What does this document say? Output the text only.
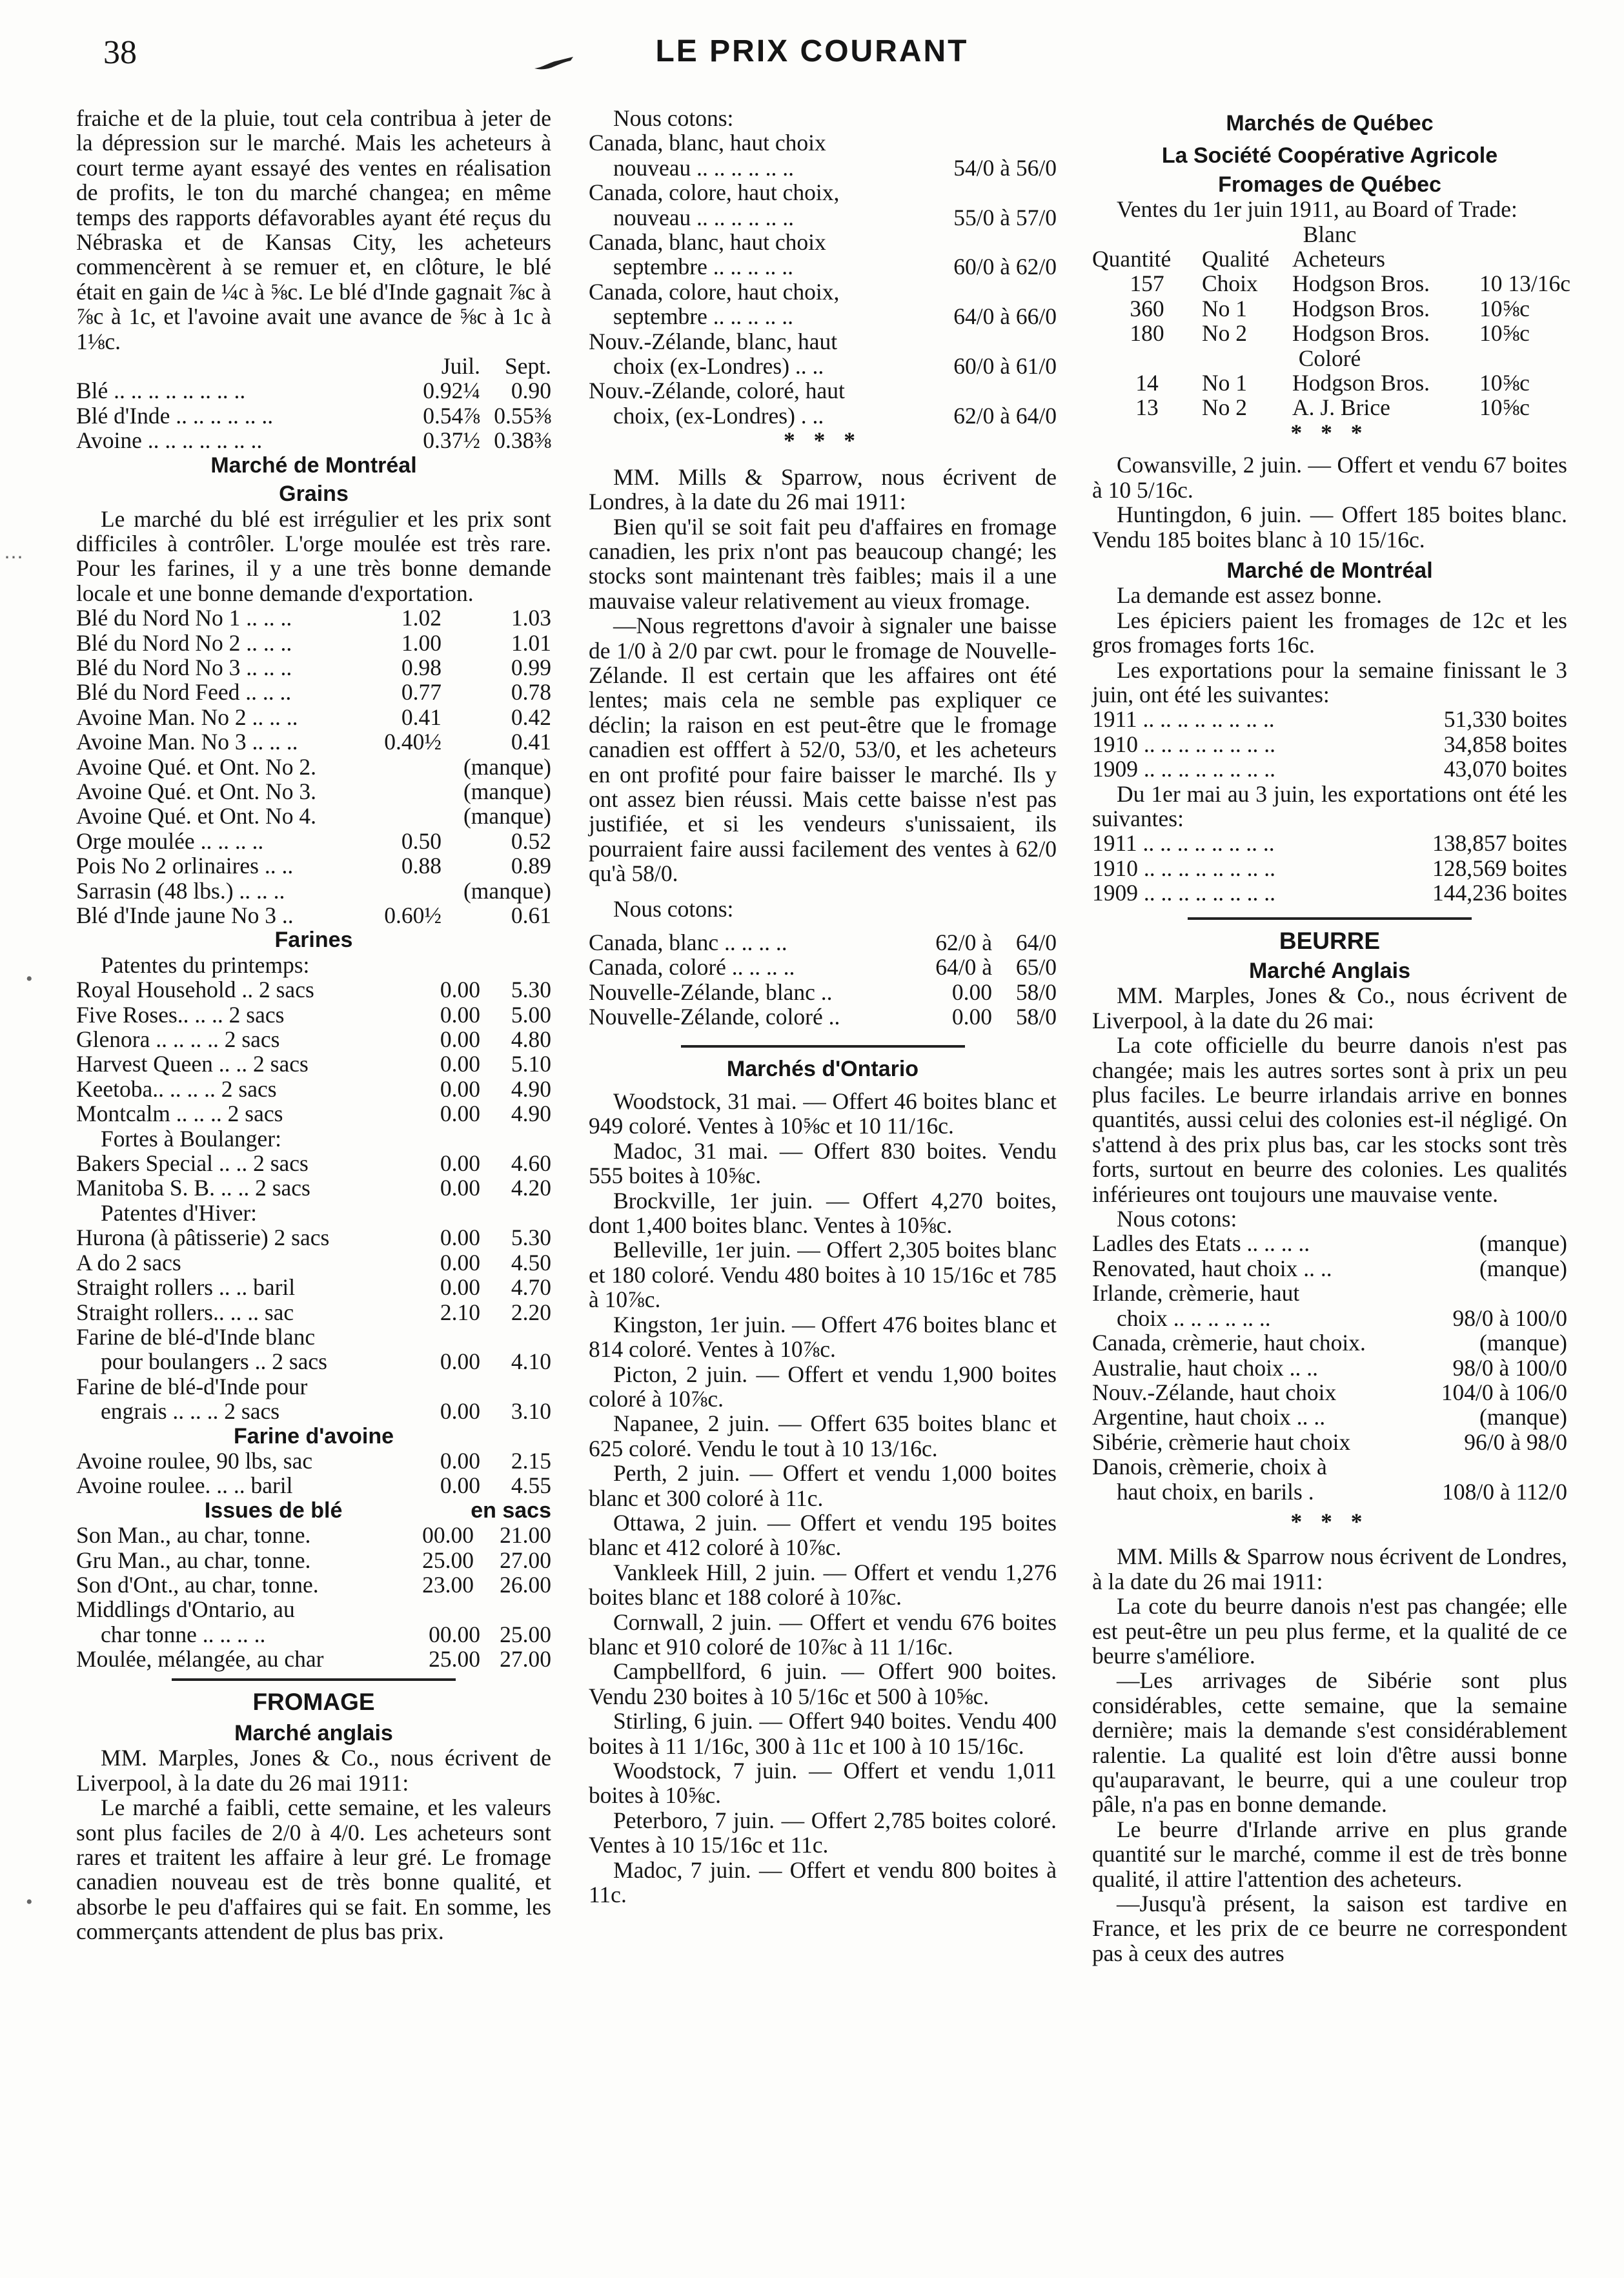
38	LE PRIX COURANT
⋯
•
•

fraiche et de la pluie, tout cela contribua à jeter de la dépression sur le marché. Mais les acheteurs à court terme ayant essayé des ventes en réalisation de profits, le ton du marché changea; en même temps des rapports défavorables ayant été reçus du Nébraska et de Kansas City, les acheteurs commencèrent à se remuer et, en clôture, le blé était en gain de ¼c à ⅝c. Le blé d'Inde gagnait ⅞c à ⅞c à 1c, et l'avoine avait une avance de ⅝c à 1c à 1⅛c.

Juil.	Sept.
Blé .. .. .. .. .. .. .. ..	0.92¼	0.90
Blé d'Inde .. .. .. .. .. ..	0.54⅞ 0.55⅜
Avoine .. .. .. .. .. .. ..	0.37½ 0.38⅜
Marché de Montréal
Grains

Le marché du blé est irrégulier et les prix sont difficiles à contrôler. L'orge moulée est très rare. Pour les farines, il y a une très bonne demande locale et une bonne demande d'exportation.

Blé du Nord No 1 .. .. ..	1.02	1.03
Blé du Nord No 2 .. .. ..	1.00	1.01
Blé du Nord No 3 .. .. ..	0.98	0.99
Blé du Nord Feed .. .. ..	0.77	0.78
Avoine Man. No 2 .. .. ..	0.41	0.42
Avoine Man. No 3 .. .. ..	0.40½	0.41
Avoine Qué. et Ont. No 2.	(manque)
Avoine Qué. et Ont. No 3.	(manque)
Avoine Qué. et Ont. No 4.	(manque)
Orge moulée .. .. .. ..	0.50	0.52
Pois No 2 orlinaires .. ..	0.88	0.89
Sarrasin (48 lbs.) .. .. ..	(manque)
Blé d'Inde jaune No 3 ..	0.60½	0.61
Farines
Patentes du printemps:
Royal Household .. 2 sacs	0.00	5.30
Five Roses.. .. .. 2 sacs	0.00	5.00
Glenora .. .. .. .. 2 sacs	0.00	4.80
Harvest Queen .. .. 2 sacs	0.00	5.10
Keetoba.. .. .. .. 2 sacs	0.00	4.90
Montcalm .. .. .. 2 sacs	0.00	4.90
Fortes à Boulanger:
Bakers Special .. .. 2 sacs	0.00	4.60
Manitoba S. B. .. .. 2 sacs	0.00	4.20
Patentes d'Hiver:
Hurona (à pâtisserie) 2 sacs	0.00	5.30
A do 2 sacs	0.00	4.50
Straight rollers .. .. baril	0.00	4.70
Straight rollers.. .. .. sac	2.10	2.20
Farine de blé-d'Inde blanc
pour boulangers .. 2 sacs	0.00	4.10
Farine de blé-d'Inde pour
engrais .. .. .. 2 sacs	0.00	3.10
Farine d'avoine
Avoine roulee, 90 lbs, sac	0.00	2.15
Avoine roulee. .. .. baril	0.00	4.55
Issues de blé	en sacs
Son Man., au char, tonne.	00.00	21.00
Gru Man., au char, tonne.	25.00	27.00
Son d'Ont., au char, tonne.	23.00	26.00
Middlings d'Ontario, au
char tonne .. .. .. ..	00.00 25.00
Moulée, mélangée, au char	25.00 27.00
FROMAGE
Marché anglais

MM. Marples, Jones & Co., nous écrivent de Liverpool, à la date du 26 mai 1911:

Le marché a faibli, cette semaine, et les valeurs sont plus faciles de 2/0 à 4/0. Les acheteurs sont rares et traitent les affaire à leur gré. Le fromage canadien nouveau est de très bonne qualité, et absorbe le peu d'affaires qui se fait. En somme, les commerçants attendent de plus bas prix.

Nous cotons:
Canada, blanc, haut choix
nouveau .. .. .. .. .. ..	54/0 à 56/0
Canada, colore, haut choix,
nouveau .. .. .. .. .. ..	55/0 à 57/0
Canada, blanc, haut choix
septembre .. .. .. .. ..	60/0 à 62/0
Canada, colore, haut choix,
septembre .. .. .. .. ..	64/0 à 66/0
Nouv.-Zélande, blanc, haut
choix (ex-Londres) .. ..	60/0 à 61/0
Nouv.-Zélande, coloré, haut
choix, (ex-Londres) . ..	62/0 à 64/0
* * *

MM. Mills & Sparrow, nous écrivent de Londres, à la date du 26 mai 1911:

Bien qu'il se soit fait peu d'affaires en fromage canadien, les prix n'ont pas beaucoup changé; les stocks sont maintenant très faibles; mais il a une mauvaise valeur relativement au vieux fromage.

—Nous regrettons d'avoir à signaler une baisse de 1/0 à 2/0 par cwt. pour le fromage de Nouvelle-Zélande. Il est certain que les affaires ont été lentes; mais cela ne semble pas expliquer ce déclin; la raison en est peut-être que le fromage canadien est offfert à 52/0, 53/0, et les acheteurs en ont profité pour faire baisser le marché. Ils y ont assez bien réussi. Mais cette baisse n'est pas justifiée, et si les vendeurs s'unissaient, ils pourraient faire aussi facilement des ventes à 62/0 qu'à 58/0.

Nous cotons:
Canada, blanc .. .. .. ..	62/0 à	64/0
Canada, coloré .. .. .. ..	64/0 à	65/0
Nouvelle-Zélande, blanc ..	0.00	58/0
Nouvelle-Zélande, coloré ..	0.00	58/0
Marchés d'Ontario

Woodstock, 31 mai. — Offert 46 boites blanc et 949 coloré. Ventes à 10⅝c et 10 11/16c.

Madoc, 31 mai. — Offert 830 boites. Vendu 555 boites à 10⅝c.

Brockville, 1er juin. — Offert 4,270 boites, dont 1,400 boites blanc. Ventes à 10⅝c.

Belleville, 1er juin. — Offert 2,305 boites blanc et 180 coloré. Vendu 480 boites à 10 15/16c et 785 à 10⅞c.

Kingston, 1er juin. — Offert 476 boites blanc et 814 coloré. Ventes à 10⅞c.

Picton, 2 juin. — Offert et vendu 1,900 boites coloré à 10⅞c.

Napanee, 2 juin. — Offert 635 boites blanc et 625 coloré. Vendu le tout à 10 13/16c.

Perth, 2 juin. — Offert et vendu 1,000 boites blanc et 300 coloré à 11c.

Ottawa, 2 juin. — Offert et vendu 195 boites blanc et 412 coloré à 10⅞c.

Vankleek Hill, 2 juin. — Offert et vendu 1,276 boites blanc et 188 coloré à 10⅞c.

Cornwall, 2 juin. — Offert et vendu 676 boites blanc et 910 coloré de 10⅞c à 11 1/16c.

Campbellford, 6 juin. — Offert 900 boites. Vendu 230 boites à 10 5/16c et 500 à 10⅝c.

Stirling, 6 juin. — Offert 940 boites. Vendu 400 boites à 11 1/16c, 300 à 11c et 100 à 10 15/16c.

Woodstock, 7 juin. — Offert et vendu 1,011 boites à 10⅝c.

Peterboro, 7 juin. — Offert 2,785 boites coloré. Ventes à 10 15/16c et 11c.

Madoc, 7 juin. — Offert et vendu 800 boites à 11c.

Marchés de Québec
La Société Coopérative Agricole
Fromages de Québec

Ventes du 1er juin 1911, au Board of Trade:

Blanc
Quantité	Qualité	Acheteurs
157	Choix	Hodgson Bros.	10 13/16c
360	No 1	Hodgson Bros.	10⅝c
180	No 2	Hodgson Bros.	10⅝c
Coloré
14	No 1	Hodgson Bros.	10⅝c
13	No 2	A. J. Brice	10⅝c
* * *

Cowansville, 2 juin. — Offert et vendu 67 boites à 10 5/16c.

Huntingdon, 6 juin. — Offert 185 boites blanc. Vendu 185 boites blanc à 10 15/16c.

Marché de Montréal

La demande est assez bonne.

Les épiciers paient les fromages de 12c et les gros fromages forts 16c.

Les exportations pour la semaine finissant le 3 juin, ont été les suivantes:

1911 .. .. .. .. .. .. .. ..	51,330 boites
1910 .. .. .. .. .. .. .. ..	34,858 boites
1909 .. .. .. .. .. .. .. ..	43,070 boites

Du 1er mai au 3 juin, les exportations ont été les suivantes:

1911 .. .. .. .. .. .. .. ..	138,857 boites
1910 .. .. .. .. .. .. .. ..	128,569 boites
1909 .. .. .. .. .. .. .. ..	144,236 boites
BEURRE
Marché Anglais

MM. Marples, Jones & Co., nous écrivent de Liverpool, à la date du 26 mai:

La cote officielle du beurre danois n'est pas changée; mais les autres sortes sont à prix un peu plus faciles. Le beurre irlandais arrive en bonnes quantités, aussi celui des colonies est-il négligé. On s'attend à des prix plus bas, car les stocks sont très forts, surtout en beurre des colonies. Les qualités inférieures ont toujours une mauvaise vente.

Nous cotons:
Ladles des Etats .. .. .. ..	(manque)
Renovated, haut choix .. ..	(manque)
Irlande, crèmerie, haut
choix .. .. .. .. .. ..	98/0 à 100/0
Canada, crèmerie, haut choix.	(manque)
Australie, haut choix .. ..	98/0 à 100/0
Nouv.-Zélande, haut choix	104/0 à 106/0
Argentine, haut choix .. ..	(manque)
Sibérie, crèmerie haut choix	96/0 à 98/0
Danois, crèmerie, choix à
haut choix, en barils .	108/0 à 112/0
* * *

MM. Mills & Sparrow nous écrivent de Londres, à la date du 26 mai 1911:

La cote du beurre danois n'est pas changée; elle est peut-être un peu plus ferme, et la qualité de ce beurre s'améliore.

—Les arrivages de Sibérie sont plus considérables, cette semaine, que la semaine dernière; mais la demande s'est considérablement ralentie. La qualité est loin d'être aussi bonne qu'auparavant, le beurre, qui a une couleur trop pâle, n'a pas en bonne demande.

Le beurre d'Irlande arrive en plus grande quantité sur le marché, comme il est de très bonne qualité, il attire l'attention des acheteurs.

—Jusqu'à présent, la saison est tardive en France, et les prix de ce beurre ne correspondent pas à ceux des autres
